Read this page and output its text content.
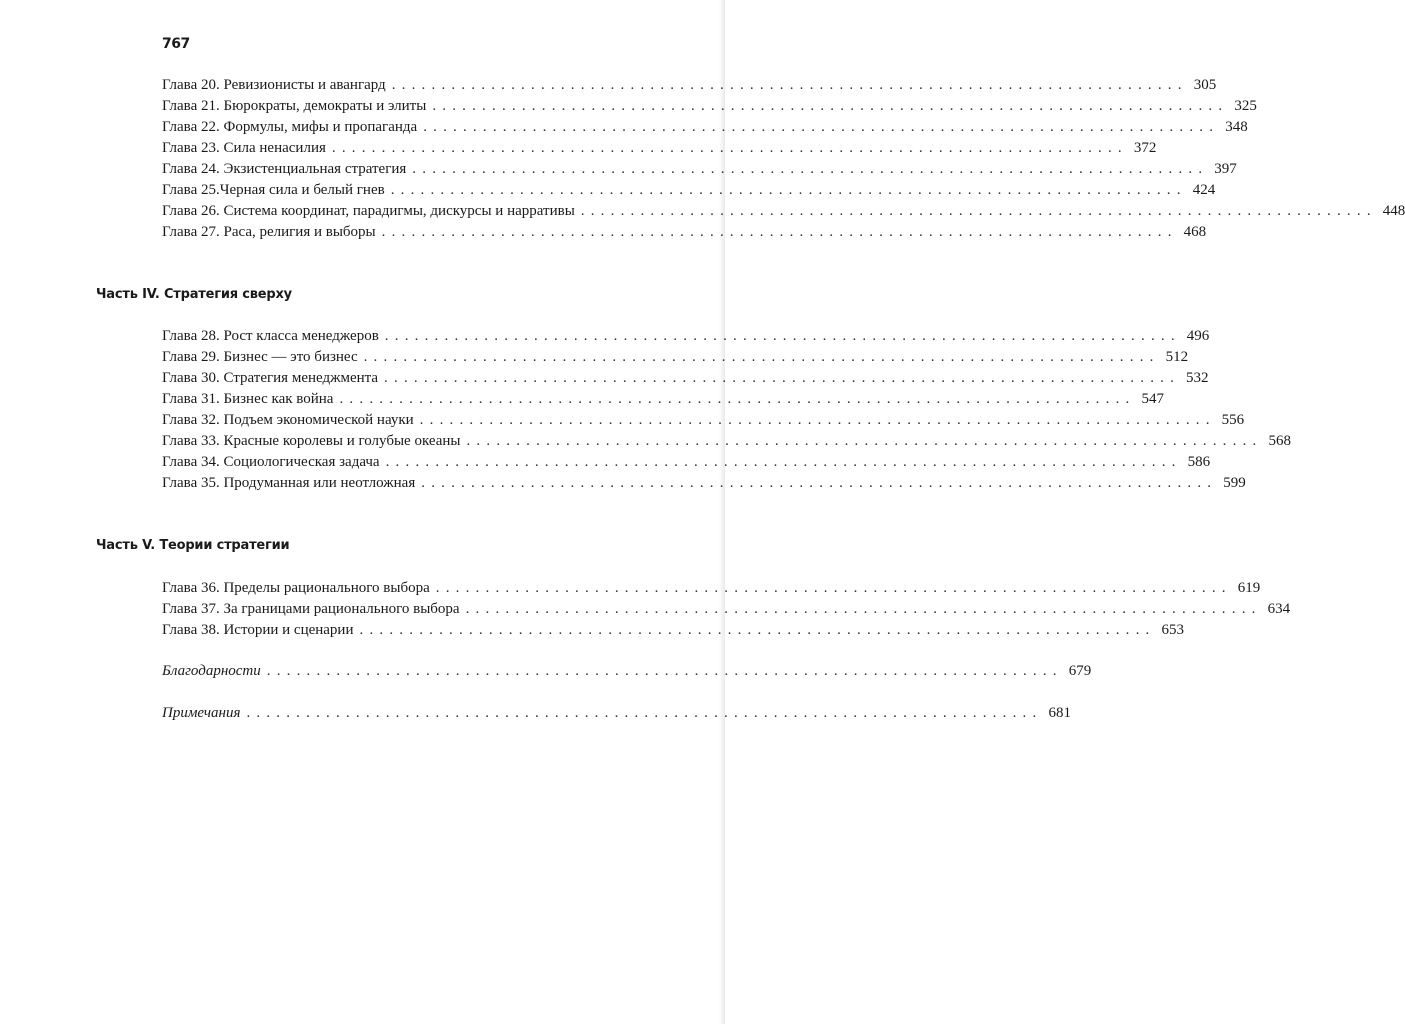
767
Глава 20. Ревизионисты и авангард ................................................................................ 305
Глава 21. Бюрократы, демократы и элиты ................................................................................ 325
Глава 22. Формулы, мифы и пропаганда ................................................................................ 348
Глава 23. Сила ненасилия ................................................................................ 372
Глава 24. Экзистенциальная стратегия ................................................................................ 397
Глава 25.Черная сила и белый гнев ................................................................................ 424
Глава 26. Система координат, парадигмы, дискурсы и нарративы ................................................................................ 448
Глава 27. Раса, религия и выборы ................................................................................ 468
Часть IV. Стратегия сверху
Глава 28. Рост класса менеджеров ................................................................................ 496
Глава 29. Бизнес — это бизнес ................................................................................ 512
Глава 30. Стратегия менеджмента ................................................................................ 532
Глава 31. Бизнес как война ................................................................................ 547
Глава 32. Подъем экономической науки ................................................................................ 556
Глава 33. Красные королевы и голубые океаны ................................................................................ 568
Глава 34. Социологическая задача ................................................................................ 586
Глава 35. Продуманная или неотложная ................................................................................ 599
Часть V. Теории стратегии
Глава 36. Пределы рационального выбора ................................................................................ 619
Глава 37. За границами рационального выбора ................................................................................ 634
Глава 38. Истории и сценарии ................................................................................ 653
Благодарности ................................................................................ 679
Примечания ................................................................................ 681
